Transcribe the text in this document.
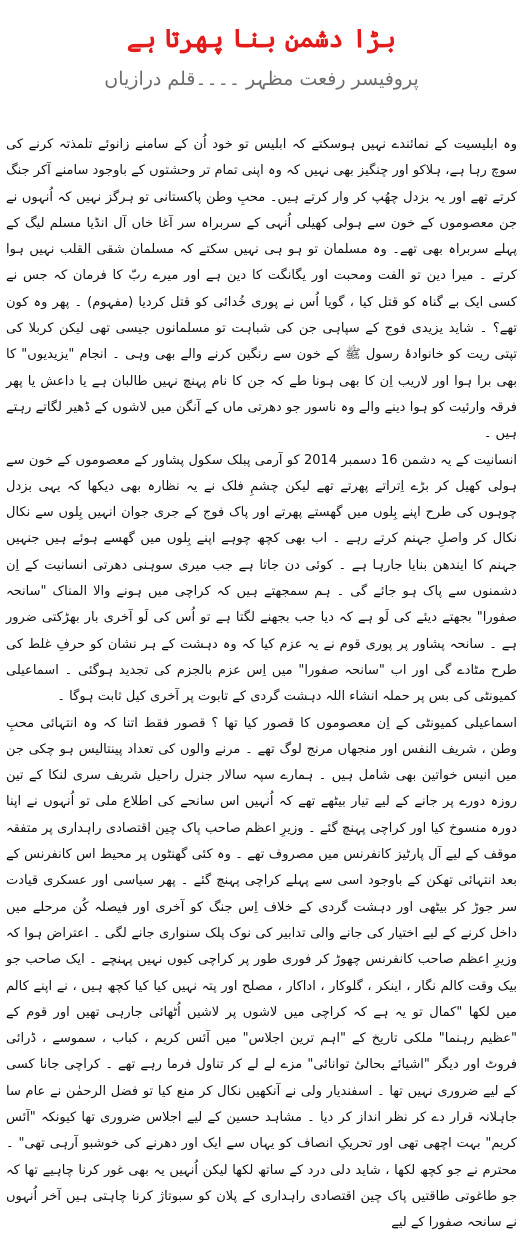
بڑا دشمن بنا پھرتا ہے
پروفیسر رفعت مظہر ۔۔۔۔قلم درازیاں

وہ ابلیسیت کے نمائندے نہیں ہوسکتے کہ ابلیس تو خود اُن کے سامنے زانوئے تلمذتہ کرنے کی سوچ رہا ہے، ہلاکو اور چنگیز بھی نہیں کہ وہ اپنی تمام تر وحشتوں کے باوجود سامنے آکر جنگ کرتے تھے اور یہ بزدل چھُپ کر وار کرتے ہیں۔ محبِ وطن پاکستانی تو ہرگز نہیں کہ اُنہوں نے جن معصوموں کے خون سے ہولی کھیلی اُنہی کے سربراہ سر آغا خاں آل انڈیا مسلم لیگ کے پہلے سربراہ بھی تھے۔ وہ مسلمان تو ہو ہی نہیں سکتے کہ مسلمان شقی القلب نہیں ہوا کرتے ۔ میرا دین تو الفت ومحبت اور یگانگت کا دین ہے اور میرے ربّ کا فرمان کہ جس نے کسی ایک بے گناہ کو قتل کیا ، گویا اُس نے پوری خُدائی کو قتل کردیا (مفہوم) ۔ پھر وہ کون تھے؟ ۔ شاید یزیدی فوج کے سپاہی جن کی شباہت تو مسلمانوں جیسی تھی لیکن کربلا کی تپتی ریت کو خانوادۂ رسول ﷺ کے خون سے رنگین کرنے والے بھی وہی ۔ انجام "یزیدیوں" کا بھی برا ہوا اور لاریب اِن کا بھی ہونا طے کہ جن کا نام پہنچ نہیں طالبان ہے یا داعش یا پھر فرقہ وارئیت کو ہوا دینے والے وہ ناسور جو دھرتی ماں کے آنگن میں لاشوں کے ڈھیر لگاتے رہتے ہیں ۔

انسانیت کے یہ دشمن 16 دسمبر 2014 کو آرمی پبلک سکول پشاور کے معصوموں کے خون سے ہولی کھیل کر بڑے اِتراتے پھرتے تھے لیکن چشمِ فلک نے یہ نظارہ بھی دیکھا کہ یہی بزدل چوہوں کی طرح اپنے بِلوں میں گھستے پھرتے اور پاک فوج کے جری جوان انہیں بِلوں سے نکال نکال کر واصلِ جہنم کرتے رہے ۔ اب بھی کچھ چوہے اپنے بِلوں میں گھسے ہوئے ہیں جنہیں جہنم کا ایندھن بنایا جارہا ہے ۔ کوئی دن جاتا ہے جب میری سوہنی دھرتی انسانیت کے اِن دشمنوں سے پاک ہو جائے گی ۔ ہم سمجھتے ہیں کہ کراچی میں ہونے والا المناک "سانحہ صفورا" بجھتے دیئے کی لَو ہے کہ دیا جب بجھنے لگتا ہے تو اُس کی لَو آخری بار بھڑکتی ضرور ہے ۔ سانحہ پشاور پر پوری قوم نے یہ عزم کیا کہ وہ دہشت کے ہر نشان کو حرفِ غلط کی طرح مٹادے گی اور اب "سانحہ صفورا" میں اِس عزم بالجزم کی تجدید ہوگئی ۔ اسماعیلی کمیونٹی کی بس پر حملہ انشاء اللہ دہشت گردی کے تابوت پر آخری کیل ثابت ہوگا ۔

اسماعیلی کمیونٹی کے اِن معصوموں کا قصور کیا تھا ؟ قصور فقط اتنا کہ وہ انتہائی محبِ وطن ، شریف النفس اور منجھاں مرنج لوگ تھے ۔ مرنے والوں کی تعداد پینتالیس ہو چکی جن میں انیس خواتین بھی شامل ہیں ۔ ہمارے سپہ سالار جنرل راحیل شریف سری لنکا کے تین روزہ دورے پر جانے کے لیے تیار بیٹھے تھے کہ اُنہیں اس سانحے کی اطلاع ملی تو اُنہوں نے اپنا دورہ منسوخ کیا اور کراچی پہنچ گئے ۔ وزیرِ اعظم صاحب پاک چین اقتصادی راہداری پر متفقہ موقف کے لیے آل پارٹیز کانفرنس میں مصروف تھے ۔ وہ کئی گھنٹوں پر محیط اس کانفرنس کے بعد انتہائی تھکن کے باوجود اسی سے پہلے کراچی پہنچ گئے ۔ پھر سیاسی اور عسکری قیادت سر جوڑ کر بیٹھی اور دہشت گردی کے خلاف اِس جنگ کو آخری اور فیصلہ کُن مرحلے میں داخل کرنے کے لیے اختیار کی جانے والی تدابیر کی نوک پلک سنواری جانے لگی ۔ اعتراض ہوا کہ وزیرِ اعظم صاحب کانفرنس چھوڑ کر فوری طور پر کراچی کیوں نہیں پہنچے ۔ ایک صاحب جو بیک وقت کالم نگار ، اینکر ، گلوکار ، اداکار ، مصلح اور پتہ نہیں کیا کیا کچھ ہیں ، نے اپنے کالم میں لکھا "کمال تو یہ ہے کہ کراچی میں لاشوں پر لاشیں اُٹھائی جارہی تھیں اور قوم کے "عظیم رہنما" ملکی تاریخ کے "اہم ترین اجلاس" میں آئس کریم ، کباب ، سموسے ، ڈرائی فروٹ اور دیگر "اشیائے بحالیٔ توانائی" مزے لے لے کر تناول فرما رہے تھے ۔ کراچی جانا کسی کے لیے ضروری نہیں تھا ۔ اسفندیار ولی نے آنکھیں نکال کر منع کیا تو فضل الرحمٰن نے عام سا جاہلانہ قرار دے کر نظر انداز کر دیا ۔ مشاہد حسین کے لیے اجلاس ضروری تھا کیونکہ "آئس کریم" بہت اچھی تھی اور تحریکِ انصاف کو یہاں سے ایک اور دھرنے کی خوشبو آرہی تھی" ۔ محترم نے جو کچھ لکھا ، شاید دلی درد کے ساتھ لکھا لیکن اُنہیں یہ بھی غور کرنا چاہیے تھا کہ جو طاغوتی طاقتیں پاک چین اقتصادی راہداری کے پلان کو سبوتاژ کرنا چاہتی ہیں آخر اُنہوں نے سانحہ صفورا کے لیے
